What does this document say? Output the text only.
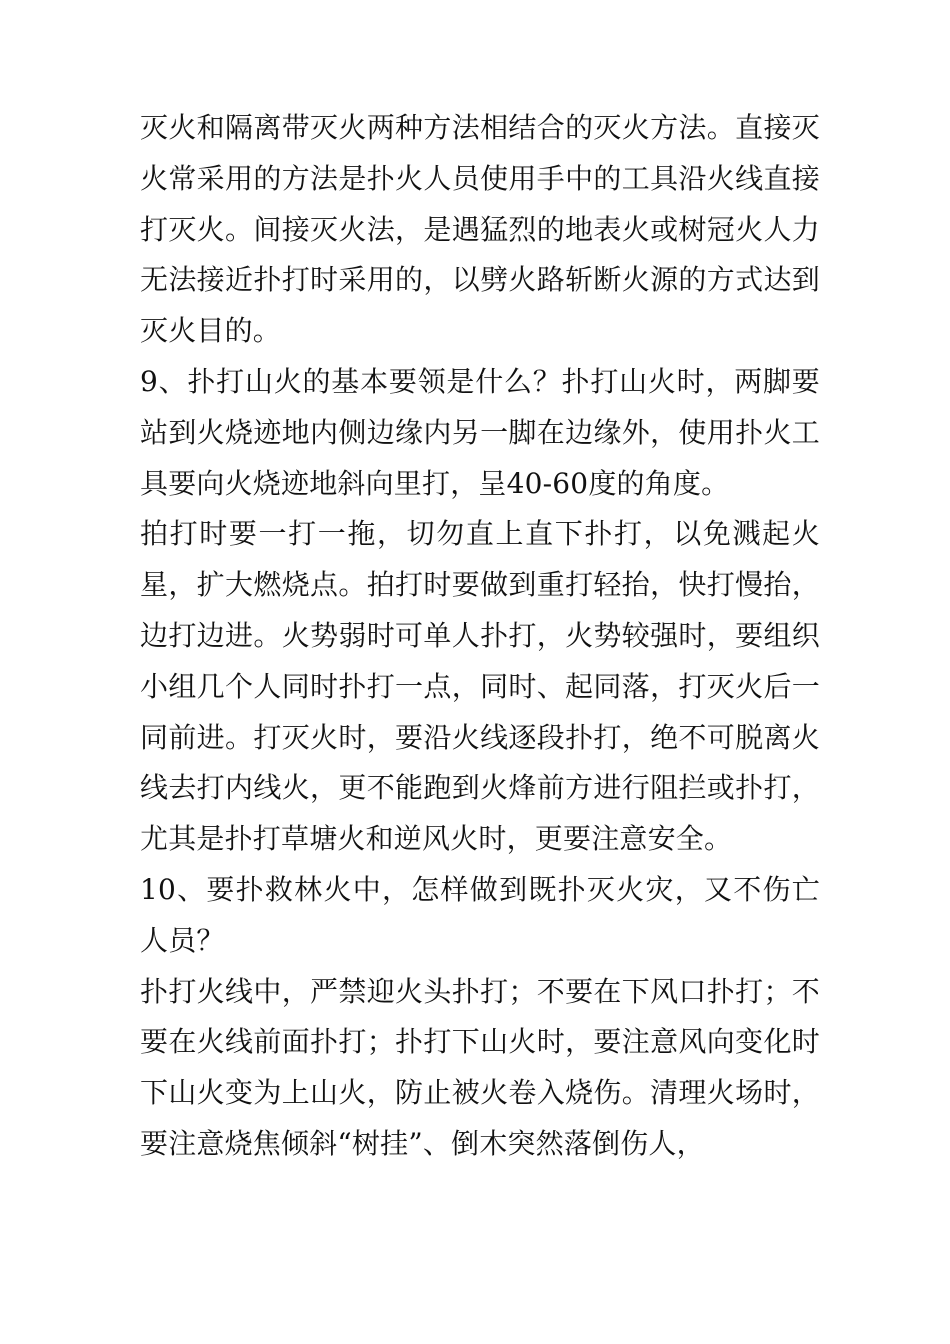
灭火和隔离带灭火两种方法相结合的灭火方法。直接灭火常采用的方法是扑火人员使用手中的工具沿火线直接打灭火。间接灭火法，是遇猛烈的地表火或树冠火人力无法接近扑打时采用的，以劈火路斩断火源的方式达到灭火目的。

9、扑打山火的基本要领是什么？扑打山火时，两脚要站到火烧迹地内侧边缘内另一脚在边缘外，使用扑火工具要向火烧迹地斜向里打，呈40-60度的角度。

拍打时要一打一拖，切勿直上直下扑打，以免溅起火星，扩大燃烧点。拍打时要做到重打轻抬，快打慢抬，边打边进。火势弱时可单人扑打，火势较强时，要组织小组几个人同时扑打一点，同时、起同落，打灭火后一同前进。打灭火时，要沿火线逐段扑打，绝不可脱离火线去打内线火，更不能跑到火烽前方进行阻拦或扑打，尤其是扑打草塘火和逆风火时，更要注意安全。

10、要扑救林火中，怎样做到既扑灭火灾，又不伤亡人员？

扑打火线中，严禁迎火头扑打；不要在下风口扑打；不要在火线前面扑打；扑打下山火时，要注意风向变化时下山火变为上山火，防止被火卷入烧伤。清理火场时，要注意烧焦倾斜“树挂”、倒木突然落倒伤人，
